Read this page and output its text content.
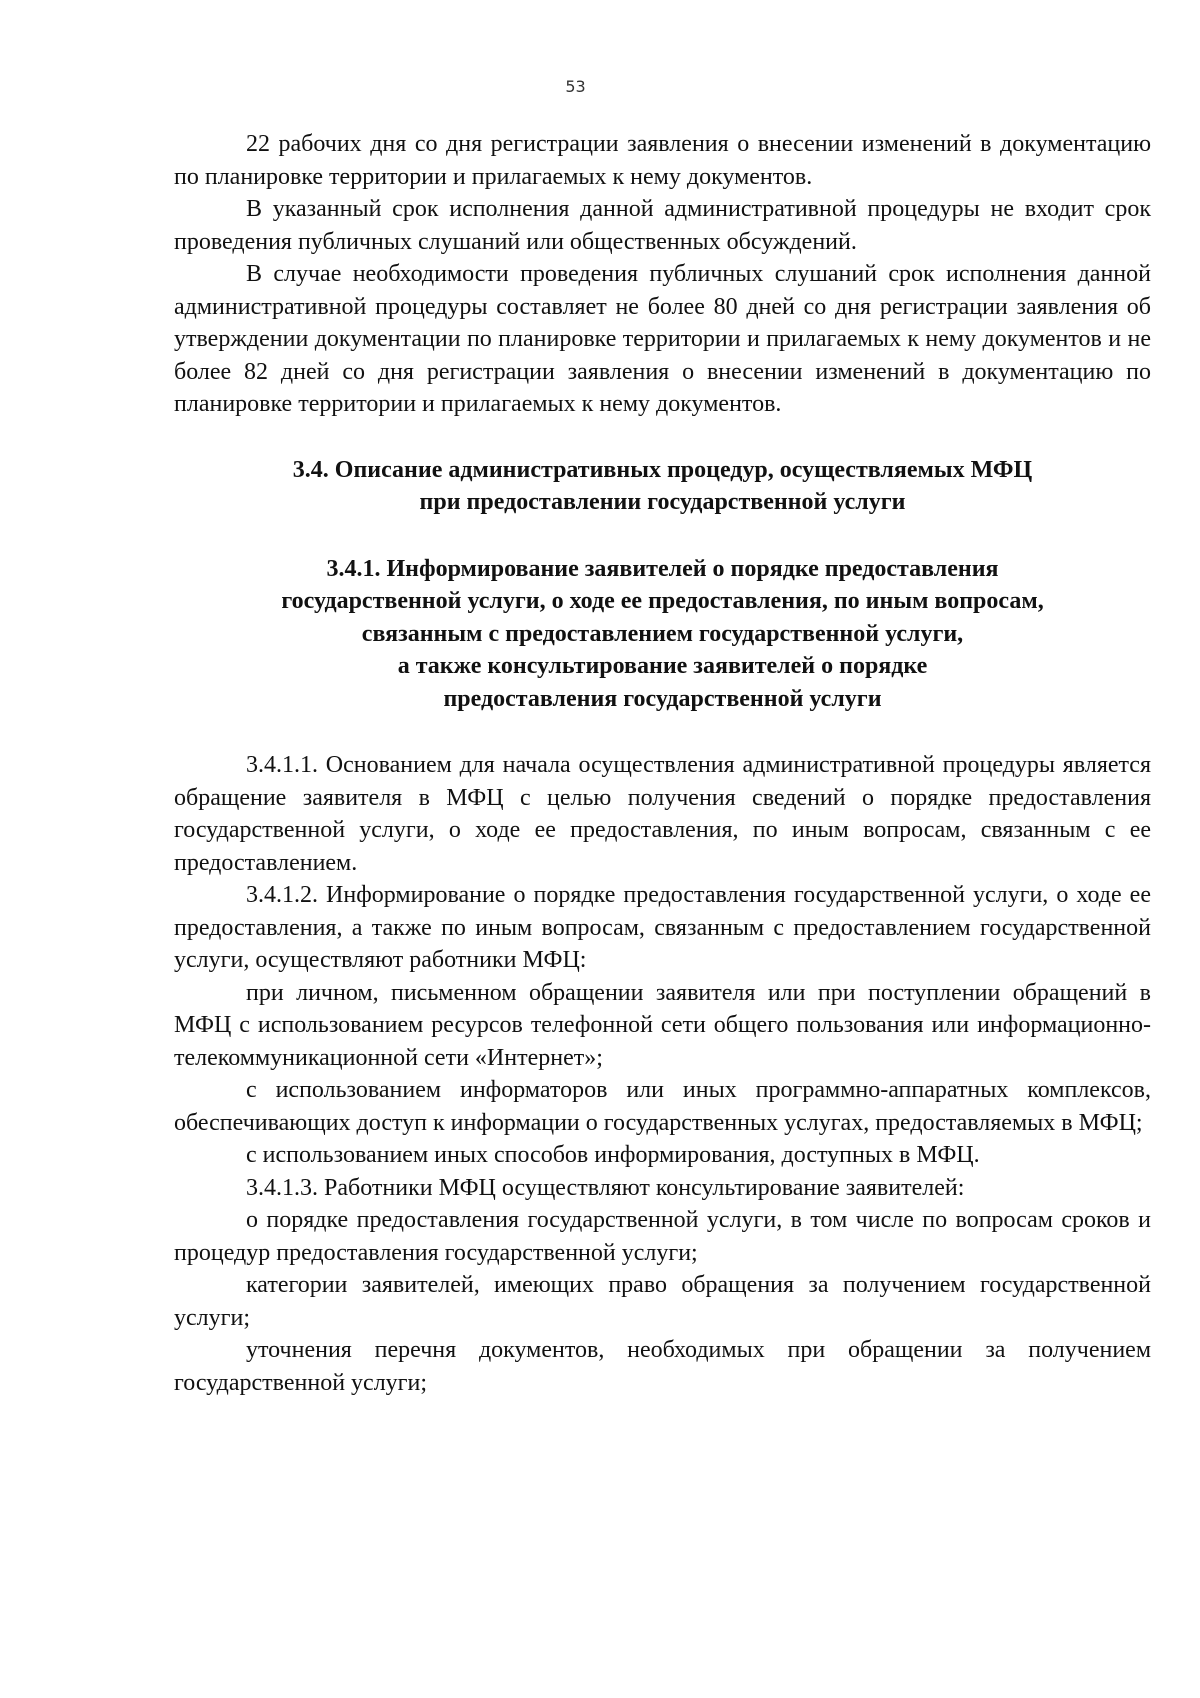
53

22 рабочих дня со дня регистрации заявления о внесении изменений в документацию по планировке территории и прилагаемых к нему документов.

В указанный срок исполнения данной административной процедуры не входит срок проведения публичных слушаний или общественных обсуждений.

В случае необходимости проведения публичных слушаний срок исполнения данной административной процедуры составляет не более 80 дней со дня регистрации заявления об утверждении документации по планировке территории и прилагаемых к нему документов и не более 82 дней со дня регистрации заявления о внесении изменений в документацию по планировке территории и прилагаемых к нему документов.

3.4. Описание административных процедур, осуществляемых МФЦ

при предоставлении государственной услуги

3.4.1. Информирование заявителей о порядке предоставления

государственной услуги, о ходе ее предоставления, по иным вопросам,

связанным с предоставлением государственной услуги,

а также консультирование заявителей о порядке

предоставления государственной услуги

3.4.1.1. Основанием для начала осуществления административной процедуры является обращение заявителя в МФЦ с целью получения сведений о порядке предоставления государственной услуги, о ходе ее предоставления, по иным вопросам, связанным с ее предоставлением.

3.4.1.2. Информирование о порядке предоставления государственной услуги, о ходе ее предоставления, а также по иным вопросам, связанным с предоставлением государственной услуги, осуществляют работники МФЦ:

при личном, письменном обращении заявителя или при поступлении обращений в МФЦ с использованием ресурсов телефонной сети общего пользования или информационно-телекоммуникационной сети «Интернет»;

с использованием информаторов или иных программно-аппаратных комплексов, обеспечивающих доступ к информации о государственных услугах, предоставляемых в МФЦ;

с использованием иных способов информирования, доступных в МФЦ.

3.4.1.3. Работники МФЦ осуществляют консультирование заявителей:

о порядке предоставления государственной услуги, в том числе по вопросам сроков и процедур предоставления государственной услуги;

категории заявителей, имеющих право обращения за получением государственной услуги;

уточнения перечня документов, необходимых при обращении за получением государственной услуги;
